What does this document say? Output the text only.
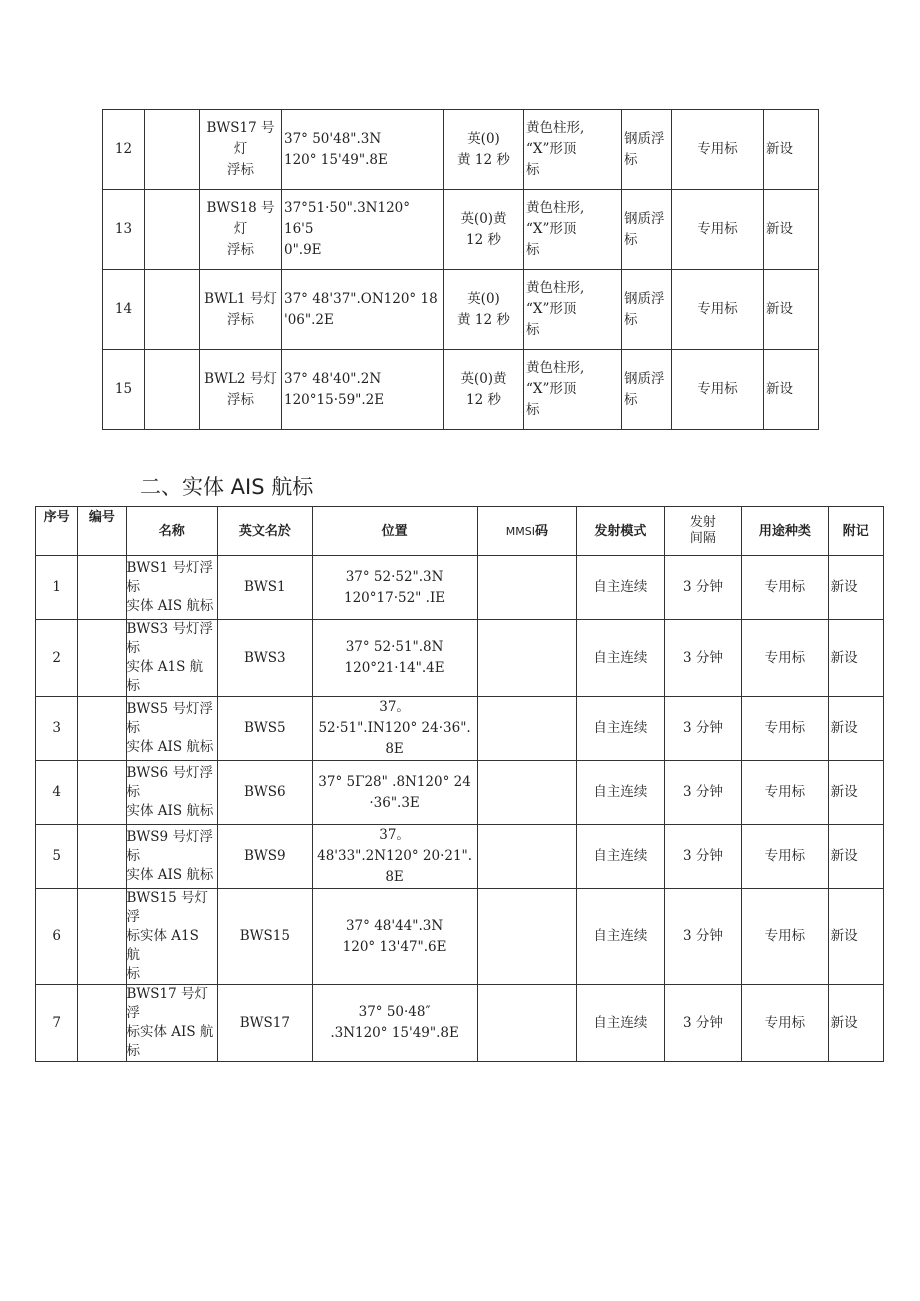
12		BWS17 号灯
浮标	37° 50'48".3N
120° 15'49".8E	英(0)
黄 12 秒	黄色柱形,
“X”形顶
标	钢质浮
标	专用标	新设
13		BWS18 号灯
浮标	37°51·50".3N120° 16'5
0".9E	英(0)黄
12 秒	黄色柱形,
“X”形顶
标	钢质浮
标	专用标	新设
14		BWL1 号灯
浮标	37° 48'37".ON120° 18
'06".2E	英(0)
黄 12 秒	黄色柱形,
“X”形顶
标	钢质浮
标	专用标	新设
15		BWL2 号灯
浮标	37° 48'40".2N
120°15·59".2E	英(0)黄
12 秒	黄色柱形,
“X”形顶
标	钢质浮
标	专用标	新设
二、实体 AIS 航标
序号	编号	名称	英文名於	位置	MMSI码	发射模式	发射
间隔	用途种类	附记
1		BWS1 号灯浮标
实体 AIS 航标	BWS1	37° 52·52".3N
120°17·52" .IE		自主连续	3 分钟	专用标	新设
2		BWS3 号灯浮标
实体 A1S 航标	BWS3	37° 52·51".8N
120°21·14".4E		自主连续	3 分钟	专用标	新设
3		BWS5 号灯浮标
实体 AIS 航标	BWS5	37。
52·51".IN120° 24·36".
8E		自主连续	3 分钟	专用标	新设
4		BWS6 号灯浮标
实体 AIS 航标	BWS6	37° 5Γ28" .8N120° 24
·36".3E		自主连续	3 分钟	专用标	新设
5		BWS9 号灯浮标
实体 AIS 航标	BWS9	37。
48'33".2N120° 20·21".
8E		自主连续	3 分钟	专用标	新设
6		BWS15 号灯浮
标实体 A1S 航
标	BWS15	37° 48'44".3N
120° 13'47".6E		自主连续	3 分钟	专用标	新设
7		BWS17 号灯浮
标实体 AIS 航
标	BWS17	37° 50·48″
.3N120° 15'49".8E		自主连续	3 分钟	专用标	新设
